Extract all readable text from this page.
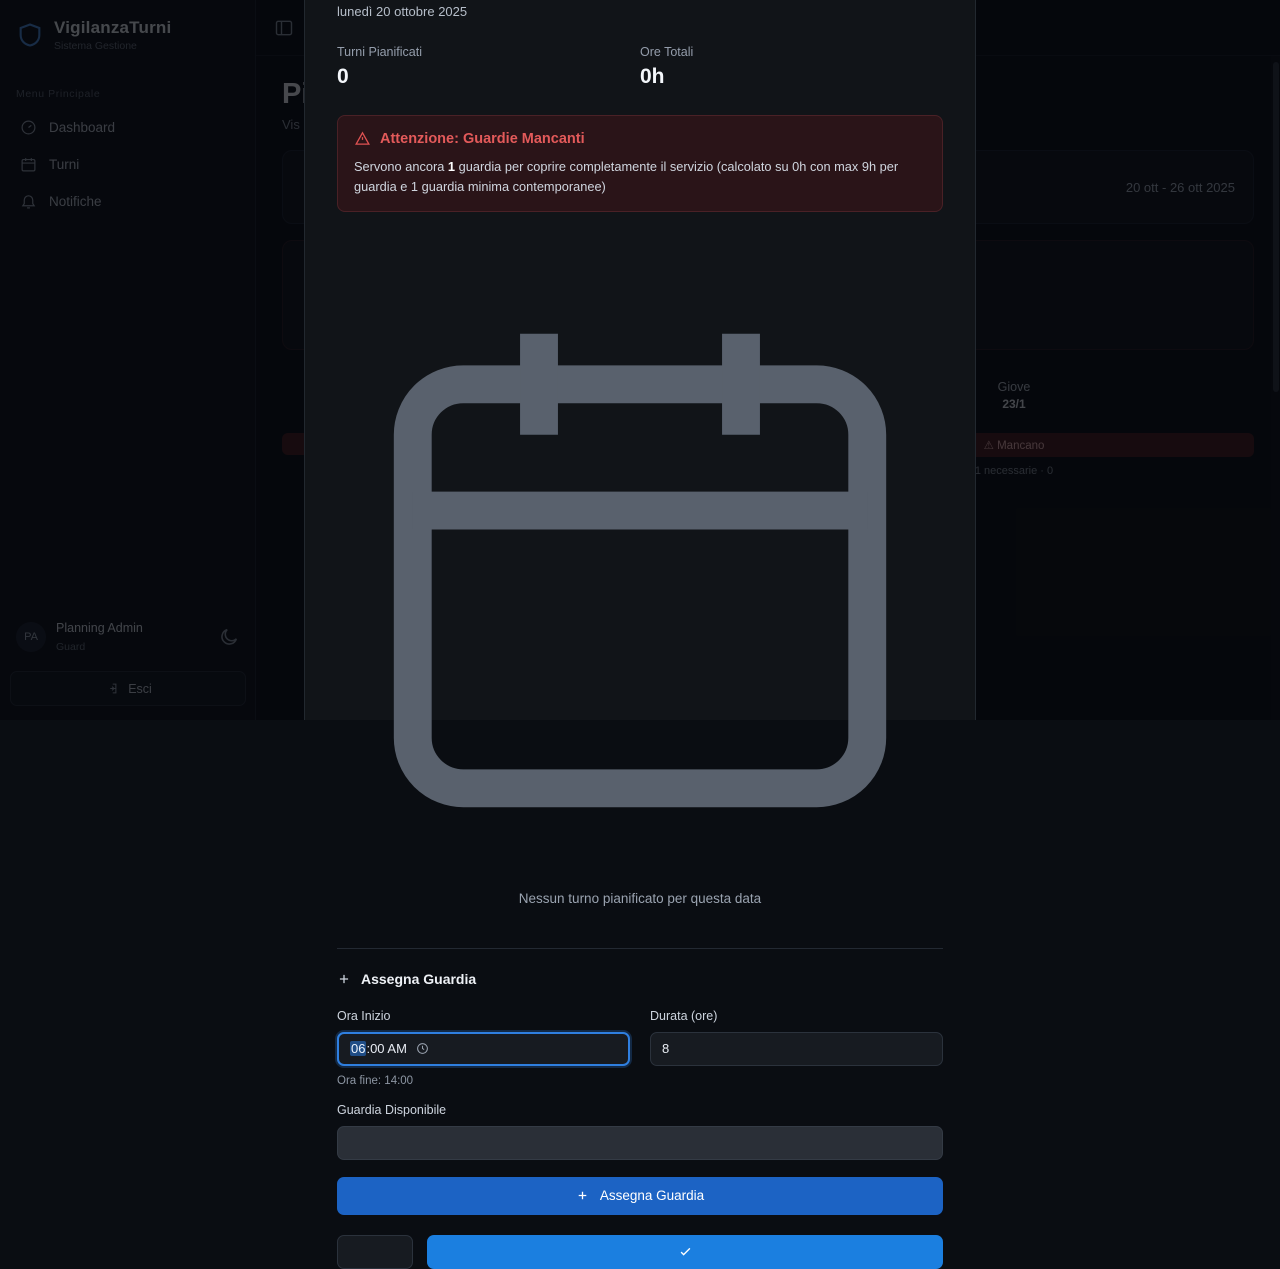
lunedì 20 ottobre 2025
Turni Pianificati
0
Ore Totali
0h
Attenzione: Guardie Mancanti
Servono ancora 1 guardia per coprire completamente il servizio (calcolato su 0h con max 9h per guardia e 1 guardia minima contemporanee)
Nessun turno pianificato per questa data
Assegna Guardia
Ora Inizio
06 :00 AM
Ora fine: 14:00
Durata (ore)
8
Guardia Disponibile
Assegna Guardia
